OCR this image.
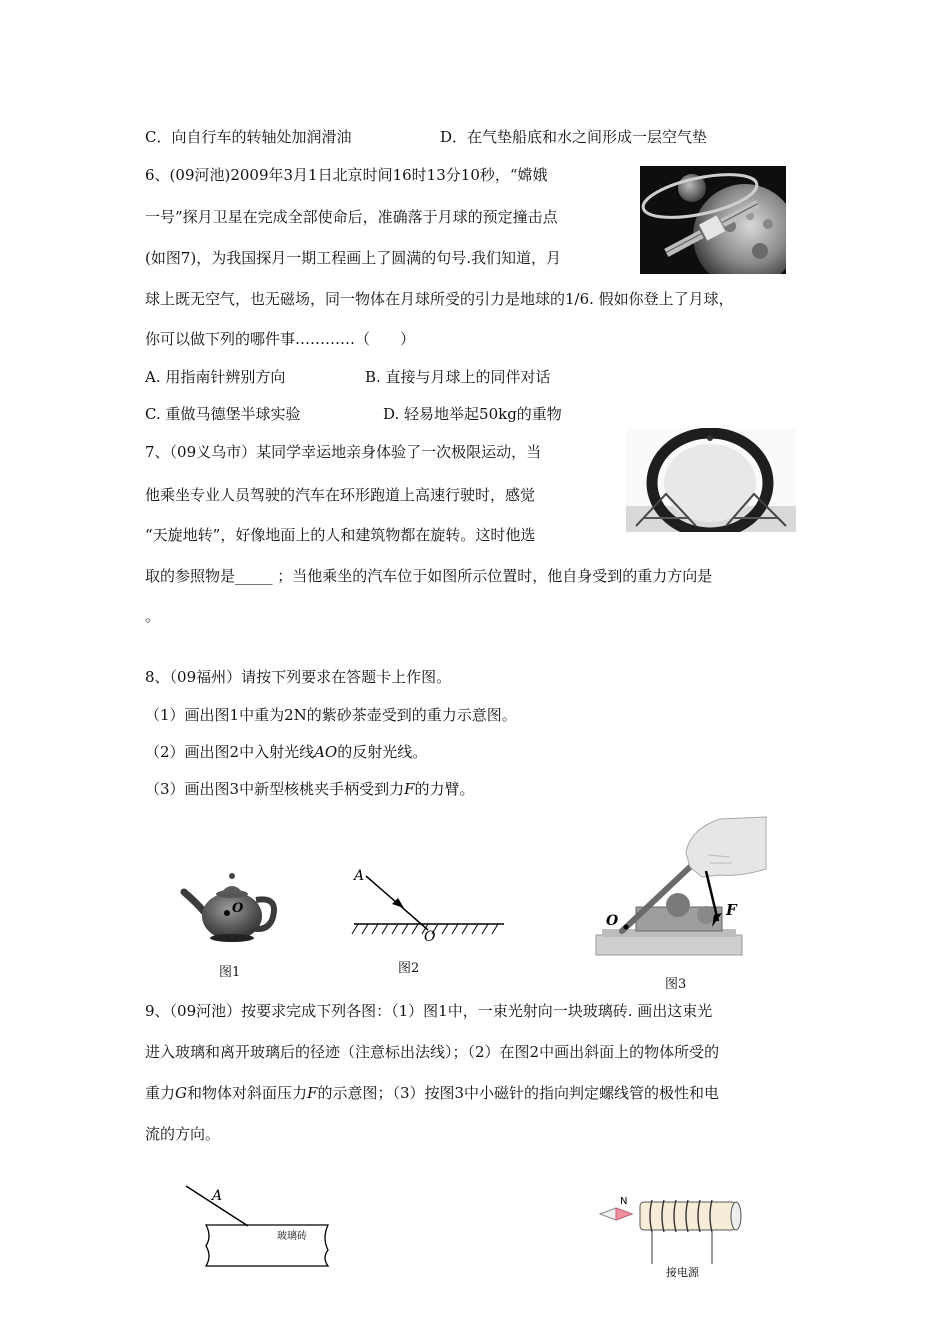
C．向自行车的转轴处加润滑油	D．在气垫船底和水之间形成一层空气垫
6、(09河池)2009年3月1日北京时间16时13分10秒，“嫦娥
一号”探月卫星在完成全部使命后，准确落于月球的预定撞击点
(如图7)，为我国探月一期工程画上了圆满的句号.我们知道，月
球上既无空气，也无磁场，同一物体在月球所受的引力是地球的1/6. 假如你登上了月球，
你可以做下列的哪件事…………（　　）
A. 用指南针辨别方向	B. 直接与月球上的同伴对话
C. 重做马德堡半球实验	D. 轻易地举起50kg的重物
7、（09义乌市）某同学幸运地亲身体验了一次极限运动，当
他乘坐专业人员驾驶的汽车在环形跑道上高速行驶时，感觉
“天旋地转”，好像地面上的人和建筑物都在旋转。这时他选
取的参照物是_____ ；当他乘坐的汽车位于如图所示位置时，他自身受到的重力方向是
。
8、（09福州）请按下列要求在答题卡上作图。
（1）画出图1中重为2N的紫砂茶壶受到的重力示意图。
（2）画出图2中入射光线AO的反射光线。
（3）画出图3中新型核桃夹手柄受到力F的力臂。
O
图1
A
O
图2
O
F
图3
9、（09河池）按要求完成下列各图：（1）图1中，一束光射向一块玻璃砖. 画出这束光
进入玻璃和离开玻璃后的径迹（注意标出法线）；（2）在图2中画出斜面上的物体所受的
重力G和物体对斜面压力F的示意图；（3）按图3中小磁针的指向判定螺线管的极性和电
流的方向。
A
玻璃砖
N
接电源
